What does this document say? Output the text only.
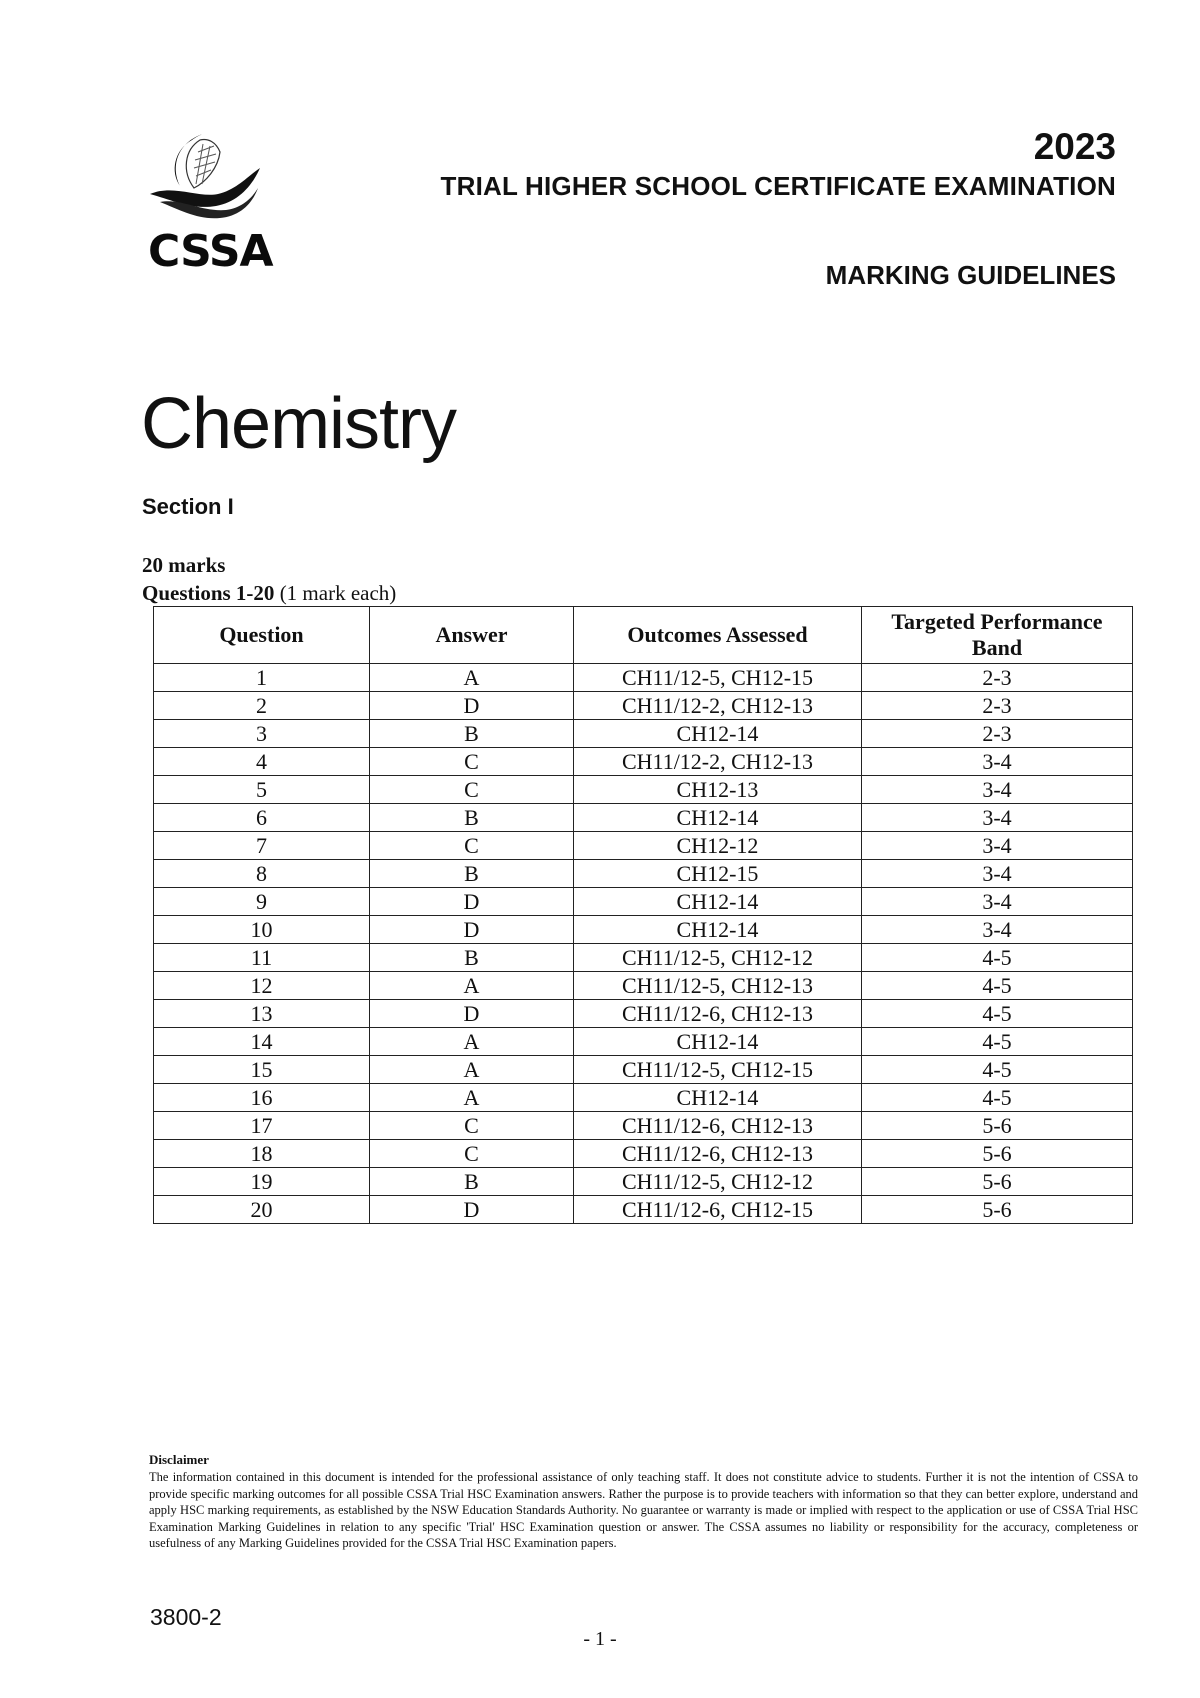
CSSA
2023
TRIAL HIGHER SCHOOL CERTIFICATE EXAMINATION
MARKING GUIDELINES
Chemistry
Section I
20 marks
Questions 1-20 (1 mark each)
Question	Answer	Outcomes Assessed	Targeted Performance Band
1	A	CH11/12-5, CH12-15	2-3
2	D	CH11/12-2, CH12-13	2-3
3	B	CH12-14	2-3
4	C	CH11/12-2, CH12-13	3-4
5	C	CH12-13	3-4
6	B	CH12-14	3-4
7	C	CH12-12	3-4
8	B	CH12-15	3-4
9	D	CH12-14	3-4
10	D	CH12-14	3-4
11	B	CH11/12-5, CH12-12	4-5
12	A	CH11/12-5, CH12-13	4-5
13	D	CH11/12-6, CH12-13	4-5
14	A	CH12-14	4-5
15	A	CH11/12-5, CH12-15	4-5
16	A	CH12-14	4-5
17	C	CH11/12-6, CH12-13	5-6
18	C	CH11/12-6, CH12-13	5-6
19	B	CH11/12-5, CH12-12	5-6
20	D	CH11/12-6, CH12-15	5-6
Disclaimer
The information contained in this document is intended for the professional assistance of only teaching staff. It does not constitute advice to students. Further it is not the intention of CSSA to provide specific marking outcomes for all possible CSSA Trial HSC Examination answers. Rather the purpose is to provide teachers with information so that they can better explore, understand and apply HSC marking requirements, as established by the NSW Education Standards Authority. No guarantee or warranty is made or implied with respect to the application or use of CSSA Trial HSC Examination Marking Guidelines in relation to any specific 'Trial' HSC Examination question or answer. The CSSA assumes no liability or responsibility for the accuracy, completeness or usefulness of any Marking Guidelines provided for the CSSA Trial HSC Examination papers.
3800-2
- 1 -
